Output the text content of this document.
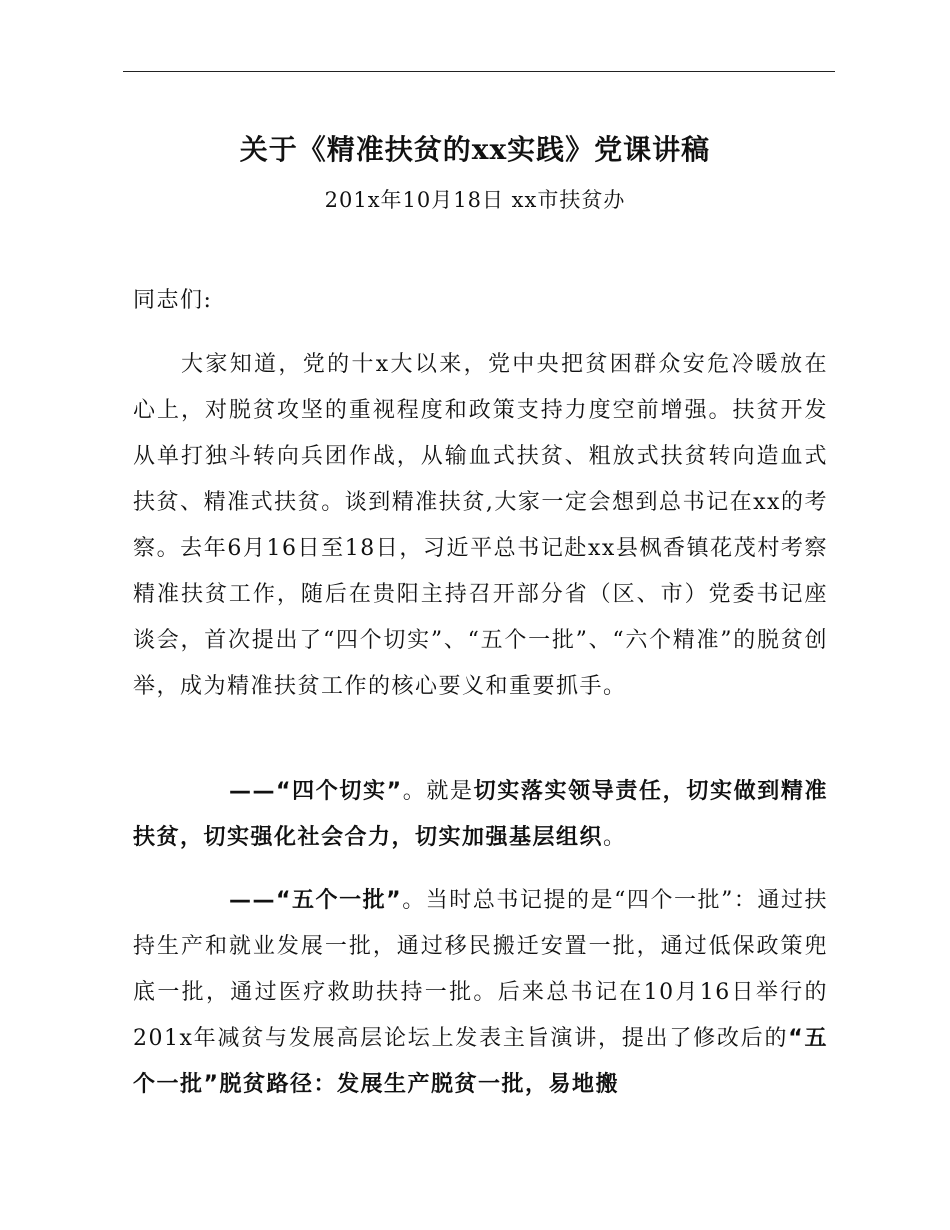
关于《精准扶贫的xx实践》党课讲稿
201x年10月18日 xx市扶贫办
同志们:
大家知道，党的十x大以来，党中央把贫困群众安危冷暖放在心上，对脱贫攻坚的重视程度和政策支持力度空前增强。扶贫开发从单打独斗转向兵团作战，从输血式扶贫、粗放式扶贫转向造血式扶贫、精准式扶贫。谈到精准扶贫,大家一定会想到总书记在xx的考察。去年6月16日至18日，习近平总书记赴xx县枫香镇花茂村考察精准扶贫工作，随后在贵阳主持召开部分省（区、市）党委书记座谈会，首次提出了“四个切实”、“五个一批”、“六个精准”的脱贫创举，成为精准扶贫工作的核心要义和重要抓手。
——“四个切实”。就是切实落实领导责任，切实做到精准扶贫，切实强化社会合力，切实加强基层组织。
——“五个一批”。当时总书记提的是“四个一批”：通过扶持生产和就业发展一批，通过移民搬迁安置一批，通过低保政策兜底一批，通过医疗救助扶持一批。后来总书记在10月16日举行的201x年减贫与发展高层论坛上发表主旨演讲，提出了修改后的“五个一批”脱贫路径：发展生产脱贫一批，易地搬
